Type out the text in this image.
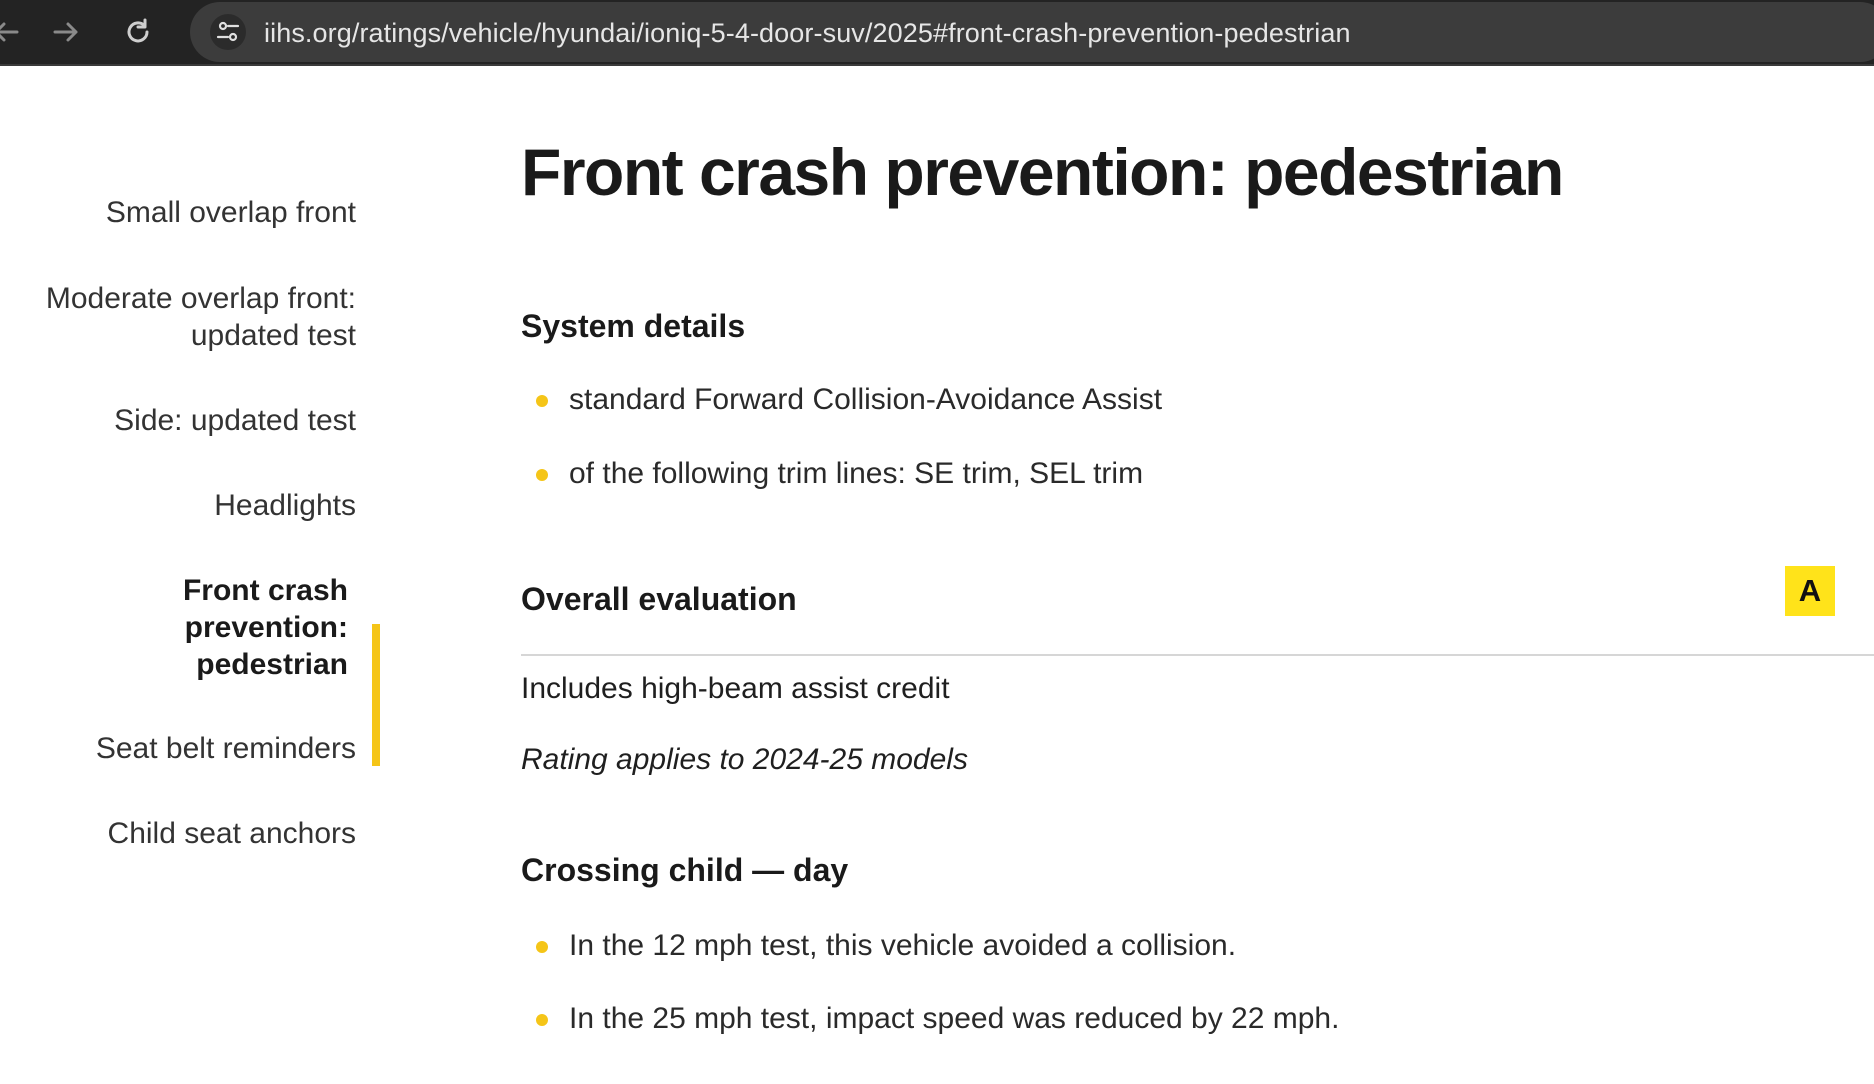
iihs.org/ratings/vehicle/hyundai/ioniq-5-4-door-suv/2025#front-crash-prevention-pedestrian
Small overlap front
Moderate overlap front:
updated test
Side: updated test
Headlights
Front crash
prevention:
pedestrian
Seat belt reminders
Child seat anchors
Front crash prevention: pedestrian
System details
standard Forward Collision-Avoidance Assist
of the following trim lines: SE trim, SEL trim
Overall evaluation	A

Includes high-beam assist credit

Rating applies to 2024-25 models

Crossing child — day
In the 12 mph test, this vehicle avoided a collision.
In the 25 mph test, impact speed was reduced by 22 mph.
